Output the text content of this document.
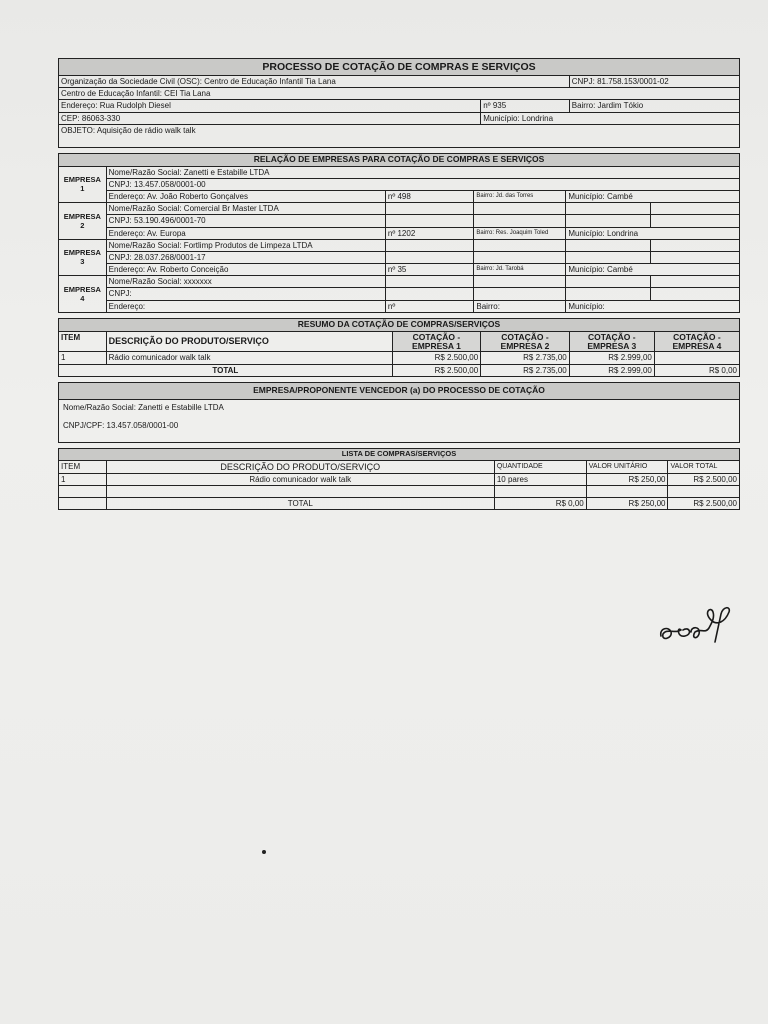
PROCESSO DE COTAÇÃO DE COMPRAS E SERVIÇOS		
Organização da Sociedade Civil (OSC): Centro de Educação Infantil Tia Lana		CNPJ: 81.758.153/0001-02
Centro de Educação Infantil: CEI Tia Lana		
Endereço: Rua Rudolph Diesel	nº 935	Bairro: Jardim Tókio
CEP: 86063-330	Município: Londrina	
OBJETO: Aquisição de rádio walk talk		
RELAÇÃO DE EMPRESAS PARA COTAÇÃO DE COMPRAS E SERVIÇOS					
EMPRESA
1	Nome/Razão Social: Zanetti e Estabille LTDA				
	CNPJ: 13.457.058/0001-00				
	Endereço: Av. João Roberto Gonçalves	nº 498	Bairro: Jd. das Torres	Município: Cambé	
EMPRESA
2	Nome/Razão Social: Comercial Br Master LTDA				
	CNPJ: 53.190.496/0001-70				
	Endereço: Av. Europa	nº 1202	Bairro: Res. Joaquim Toled	Município: Londrina	
EMPRESA
3	Nome/Razão Social: Fortlimp Produtos de Limpeza LTDA				
	CNPJ: 28.037.268/0001-17				
	Endereço: Av. Roberto Conceição	nº 35	Bairro: Jd. Tarobá	Município: Cambé	
EMPRESA
4	Nome/Razão Social: xxxxxxx				
	CNPJ:				
	Endereço:	nº	Bairro:	Município:	
RESUMO DA COTAÇÃO DE COMPRAS/SERVIÇOS					
ITEM	DESCRIÇÃO DO PRODUTO/SERVIÇO	COTAÇÃO - EMPRESA 1	COTAÇÃO - EMPRESA 2	COTAÇÃO - EMPRESA 3	COTAÇÃO - EMPRESA 4
1	Rádio comunicador walk talk	R$ 2.500,00	R$ 2.735,00	R$ 2.999,00	
TOTAL		R$ 2.500,00	R$ 2.735,00	R$ 2.999,00	R$ 0,00
EMPRESA/PROPONENTE VENCEDOR (a) DO PROCESSO DE COTAÇÃO
Nome/Razão Social: Zanetti e Estabille LTDA
CNPJ/CPF: 13.457.058/0001-00
LISTA DE COMPRAS/SERVIÇOS				
ITEM	DESCRIÇÃO DO PRODUTO/SERVIÇO	QUANTIDADE	VALOR UNITÁRIO	VALOR TOTAL
1	Rádio comunicador walk talk	10 pares	R$ 250,00	R$ 2.500,00

	TOTAL	R$ 0,00	R$ 250,00	R$ 2.500,00
